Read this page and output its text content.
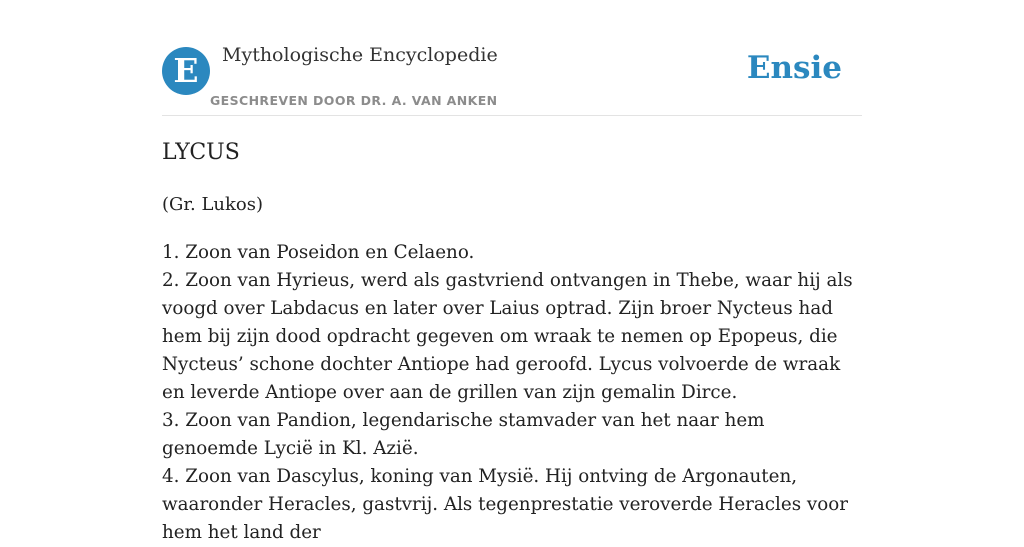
E	Mythologische Encyclopedie
GESCHREVEN DOOR DR. A. VAN ANKEN
Ensie
LYCUS
(Gr. Lukos)

1. Zoon van Poseidon en Celaeno.

2. Zoon van Hyrieus, werd als gastvriend ontvangen in Thebe, waar hij als voogd over Labdacus en later over Laius optrad. Zijn broer Nycteus had hem bij zijn dood opdracht gegeven om wraak te nemen op Epopeus, die Nycteus’ schone dochter Antiope had geroofd. Lycus volvoerde de wraak en leverde Antiope over aan de grillen van zijn gemalin Dirce.

3. Zoon van Pandion, legendarische stamvader van het naar hem genoemde Lycië in Kl. Azië.

4. Zoon van Dascylus, koning van Mysië. Hij ontving de Argonauten, waaronder Heracles, gastvrij. Als tegenprestatie veroverde Heracles voor hem het land der
